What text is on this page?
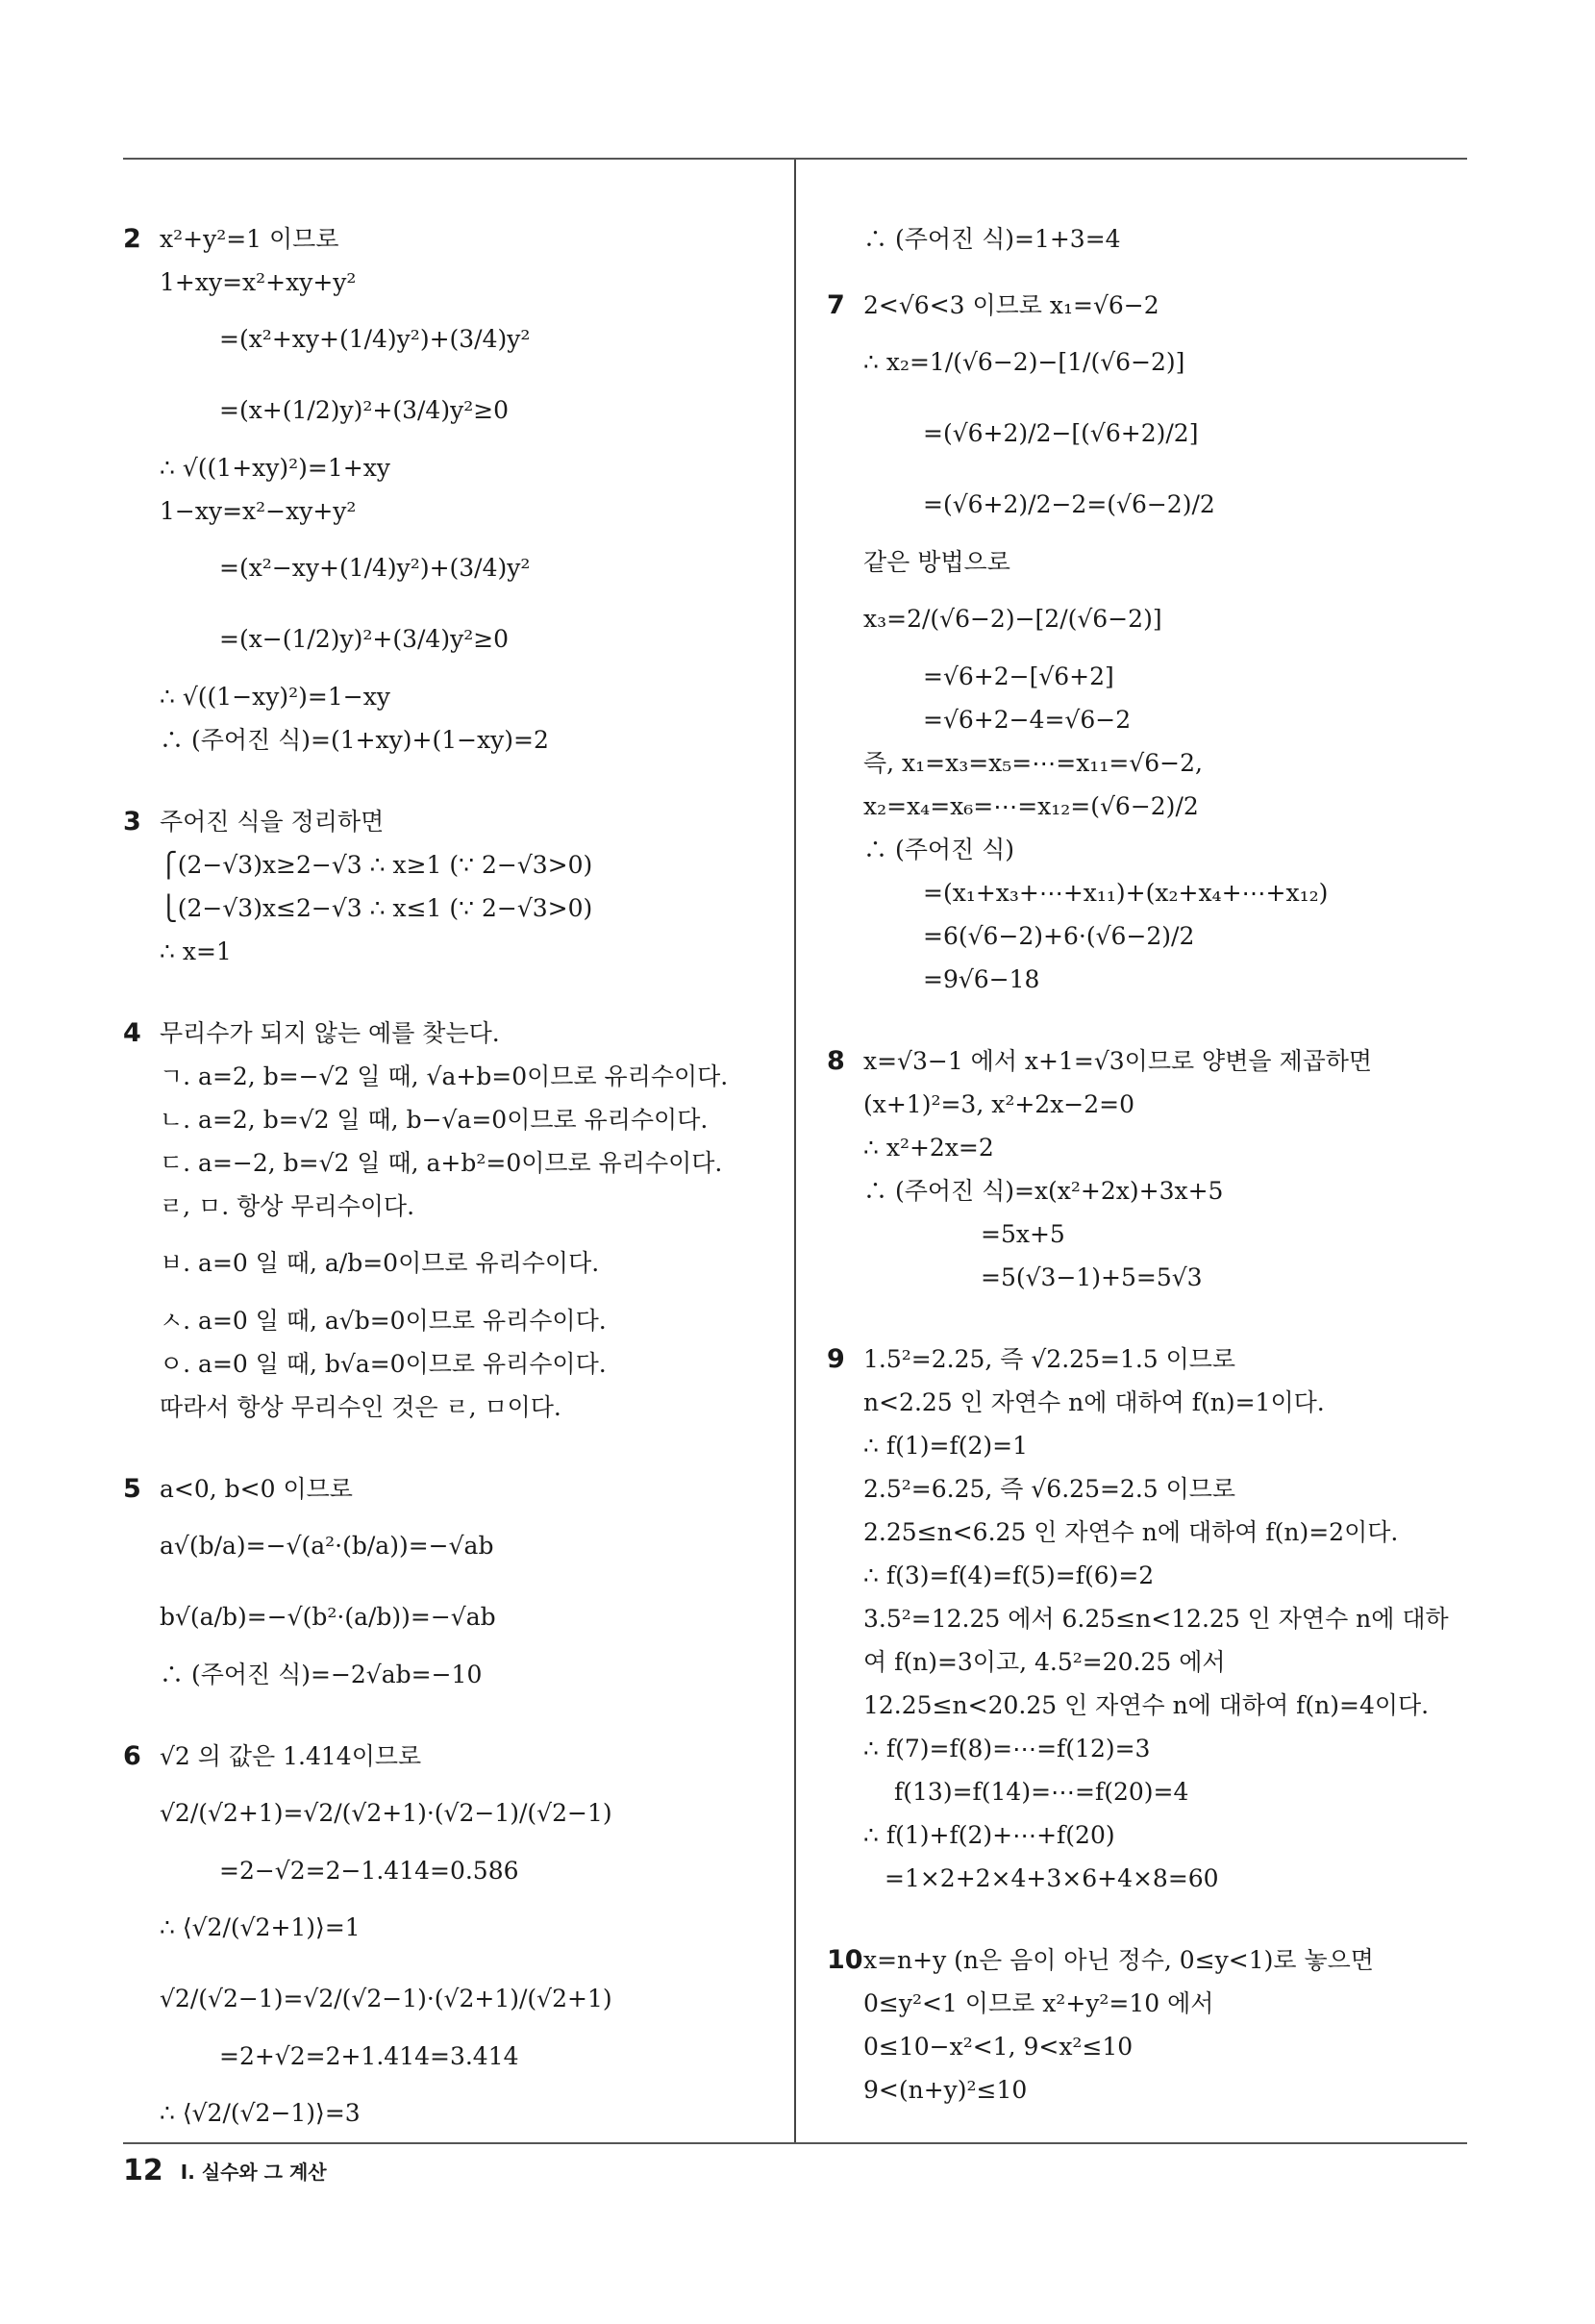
2 x²+y²=1 이므로
1+xy=x²+xy+y²
=(x²+xy+(1/4)y²)+(3/4)y²
=(x+(1/2)y)²+(3/4)y²≥0
∴ √((1+xy)²)=1+xy
1−xy=x²−xy+y²
=(x²−xy+(1/4)y²)+(3/4)y²
=(x−(1/2)y)²+(3/4)y²≥0
∴ √((1−xy)²)=1−xy
∴ (주어진 식)=(1+xy)+(1−xy)=2
3 주어진 식을 정리하면
⎧(2−√3)x≥2−√3 ∴ x≥1 (∵ 2−√3>0)
⎩(2−√3)x≤2−√3 ∴ x≤1 (∵ 2−√3>0)
∴ x=1
4 무리수가 되지 않는 예를 찾는다.
ㄱ. a=2, b=−√2 일 때, √a+b=0이므로 유리수이다.
ㄴ. a=2, b=√2 일 때, b−√a=0이므로 유리수이다.
ㄷ. a=−2, b=√2 일 때, a+b²=0이므로 유리수이다.
ㄹ, ㅁ. 항상 무리수이다.
ㅂ. a=0 일 때, a/b=0이므로 유리수이다.
ㅅ. a=0 일 때, a√b=0이므로 유리수이다.
ㅇ. a=0 일 때, b√a=0이므로 유리수이다.
따라서 항상 무리수인 것은 ㄹ, ㅁ이다.
5 a<0, b<0 이므로
a√(b/a)=−√(a²·(b/a))=−√ab
b√(a/b)=−√(b²·(a/b))=−√ab
∴ (주어진 식)=−2√ab=−10
6 √2 의 값은 1.414이므로
√2/(√2+1)=√2/(√2+1)·(√2−1)/(√2−1)
=2−√2=2−1.414=0.586
∴ ⟨√2/(√2+1)⟩=1
√2/(√2−1)=√2/(√2−1)·(√2+1)/(√2+1)
=2+√2=2+1.414=3.414
∴ ⟨√2/(√2−1)⟩=3
∴ (주어진 식)=1+3=4
7 2<√6<3 이므로 x₁=√6−2
∴ x₂=1/(√6−2)−[1/(√6−2)]
=(√6+2)/2−[(√6+2)/2]
=(√6+2)/2−2=(√6−2)/2
같은 방법으로
x₃=2/(√6−2)−[2/(√6−2)]
=√6+2−[√6+2]
=√6+2−4=√6−2
즉, x₁=x₃=x₅=⋯=x₁₁=√6−2,
x₂=x₄=x₆=⋯=x₁₂=(√6−2)/2
∴ (주어진 식)
=(x₁+x₃+⋯+x₁₁)+(x₂+x₄+⋯+x₁₂)
=6(√6−2)+6·(√6−2)/2
=9√6−18
8 x=√3−1 에서 x+1=√3이므로 양변을 제곱하면
(x+1)²=3, x²+2x−2=0
∴ x²+2x=2
∴ (주어진 식)=x(x²+2x)+3x+5
=5x+5
=5(√3−1)+5=5√3
9 1.5²=2.25, 즉 √2.25=1.5 이므로
n<2.25 인 자연수 n에 대하여 f(n)=1이다.
∴ f(1)=f(2)=1
2.5²=6.25, 즉 √6.25=2.5 이므로
2.25≤n<6.25 인 자연수 n에 대하여 f(n)=2이다.
∴ f(3)=f(4)=f(5)=f(6)=2
3.5²=12.25 에서 6.25≤n<12.25 인 자연수 n에 대하
여 f(n)=3이고, 4.5²=20.25 에서
12.25≤n<20.25 인 자연수 n에 대하여 f(n)=4이다.
∴ f(7)=f(8)=⋯=f(12)=3
f(13)=f(14)=⋯=f(20)=4
∴ f(1)+f(2)+⋯+f(20)
=1×2+2×4+3×6+4×8=60
10x=n+y (n은 음이 아닌 정수, 0≤y<1)로 놓으면
0≤y²<1 이므로 x²+y²=10 에서
0≤10−x²<1, 9<x²≤10
9<(n+y)²≤10
12 Ⅰ. 실수와 그 계산
